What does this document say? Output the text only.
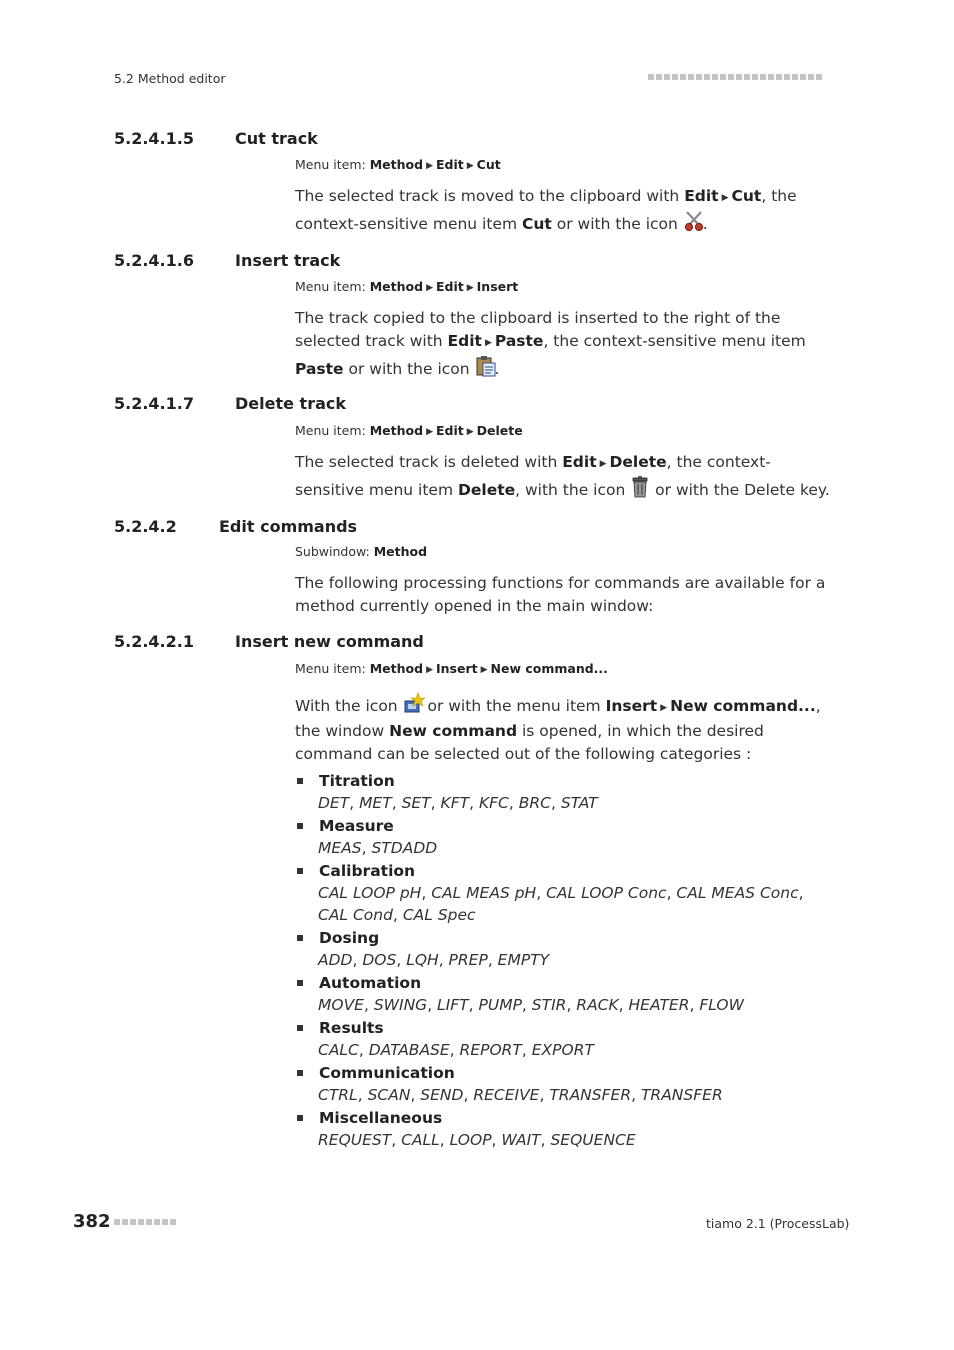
5.2 Method editor
5.2.4.1.5	Cut track
Menu item: Method ▶ Edit ▶ Cut
The selected track is moved to the clipboard with Edit ▶ Cut, the context-sensitive menu item Cut or with the icon .
5.2.4.1.6	Insert track
Menu item: Method ▶ Edit ▶ Insert
The track copied to the clipboard is inserted to the right of the selected track with Edit ▶ Paste, the context-sensitive menu item Paste or with the icon .
5.2.4.1.7	Delete track
Menu item: Method ▶ Edit ▶ Delete
The selected track is deleted with Edit ▶ Delete, the context-sensitive menu item Delete, with the icon  or with the Delete key.
5.2.4.2	Edit commands
Subwindow: Method
The following processing functions for commands are available for a method currently opened in the main window:
5.2.4.2.1	Insert new command
Menu item: Method ▶ Insert ▶ New command...
With the icon  or with the menu item Insert ▶ New command..., the window New command is opened, in which the desired command can be selected out of the following categories :
Titration
DET, MET, SET, KFT, KFC, BRC, STAT
Measure
MEAS, STDADD
Calibration
CAL LOOP pH, CAL MEAS pH, CAL LOOP Conc, CAL MEAS Conc, CAL Cond, CAL Spec
Dosing
ADD, DOS, LQH, PREP, EMPTY
Automation
MOVE, SWING, LIFT, PUMP, STIR, RACK, HEATER, FLOW
Results
CALC, DATABASE, REPORT, EXPORT
Communication
CTRL, SCAN, SEND, RECEIVE, TRANSFER, TRANSFER
Miscellaneous
REQUEST, CALL, LOOP, WAIT, SEQUENCE
382	tiamo 2.1 (ProcessLab)
